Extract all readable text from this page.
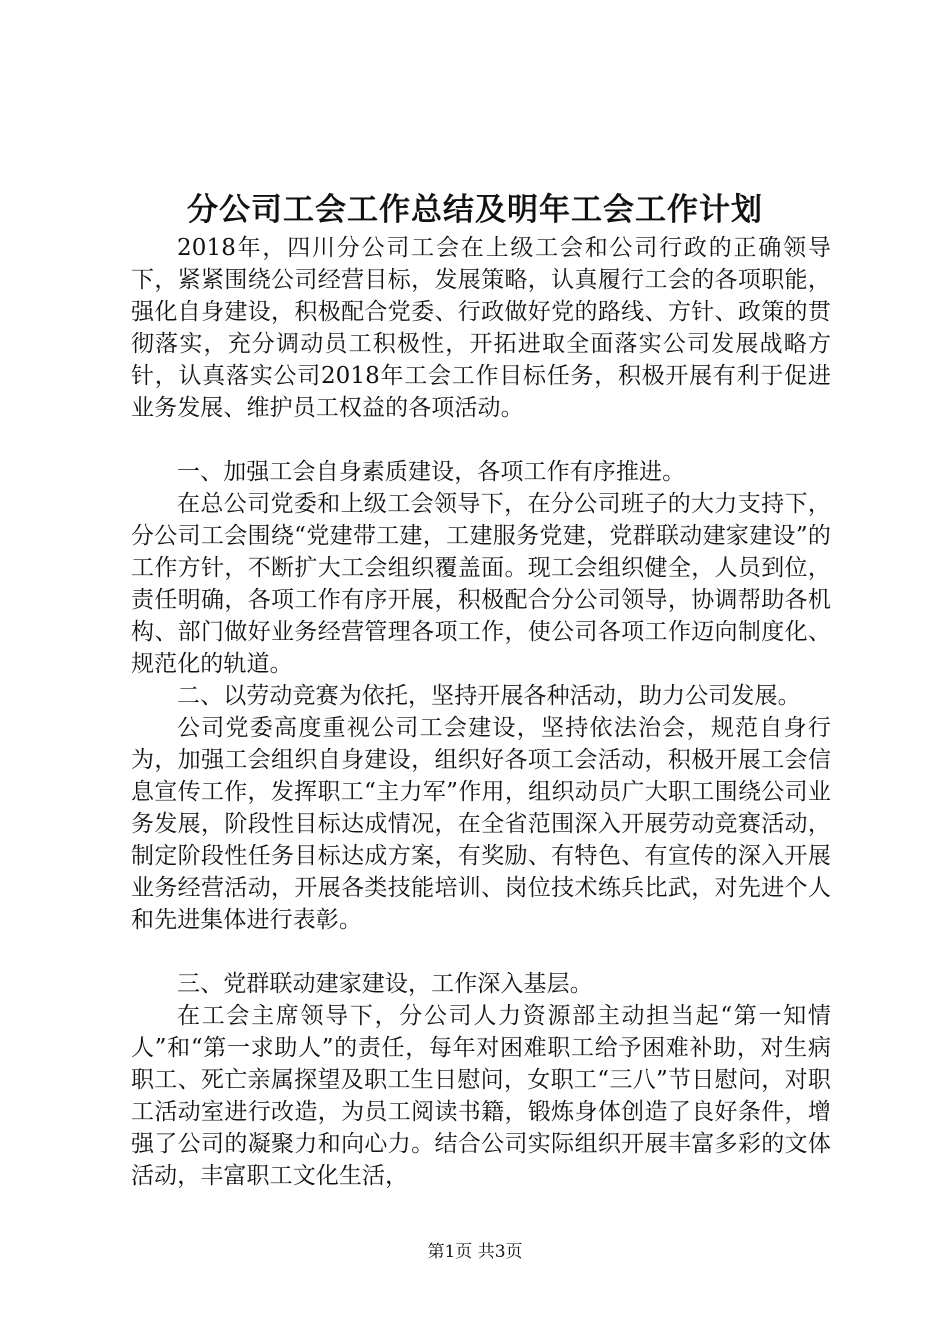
分公司工会工作总结及明年工会工作计划

2018年，四川分公司工会在上级工会和公司行政的正确领导下，紧紧围绕公司经营目标，发展策略，认真履行工会的各项职能，强化自身建设，积极配合党委、行政做好党的路线、方针、政策的贯彻落实，充分调动员工积极性，开拓进取全面落实公司发展战略方针，认真落实公司2018年工会工作目标任务，积极开展有利于促进业务发展、维护员工权益的各项活动。

一、加强工会自身素质建设，各项工作有序推进。

在总公司党委和上级工会领导下，在分公司班子的大力支持下，分公司工会围绕“党建带工建，工建服务党建，党群联动建家建设”的工作方针，不断扩大工会组织覆盖面。现工会组织健全，人员到位，责任明确，各项工作有序开展，积极配合分公司领导，协调帮助各机构、部门做好业务经营管理各项工作，使公司各项工作迈向制度化、规范化的轨道。

二、以劳动竞赛为依托，坚持开展各种活动，助力公司发展。

公司党委高度重视公司工会建设，坚持依法治会，规范自身行为，加强工会组织自身建设，组织好各项工会活动，积极开展工会信息宣传工作，发挥职工“主力军”作用，组织动员广大职工围绕公司业务发展，阶段性目标达成情况，在全省范围深入开展劳动竞赛活动，制定阶段性任务目标达成方案，有奖励、有特色、有宣传的深入开展业务经营活动，开展各类技能培训、岗位技术练兵比武，对先进个人和先进集体进行表彰。

三、党群联动建家建设，工作深入基层。

在工会主席领导下，分公司人力资源部主动担当起“第一知情人”和“第一求助人”的责任，每年对困难职工给予困难补助，对生病职工、死亡亲属探望及职工生日慰问，女职工“三八”节日慰问，对职工活动室进行改造，为员工阅读书籍，锻炼身体创造了良好条件，增强了公司的凝聚力和向心力。结合公司实际组织开展丰富多彩的文体活动，丰富职工文化生活，

第1页 共3页
